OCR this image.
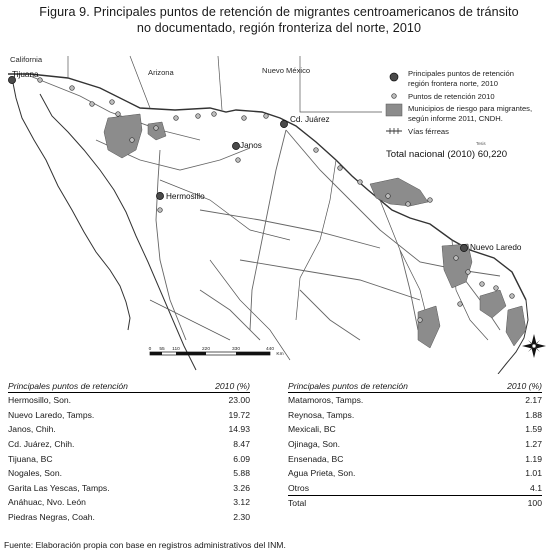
Figura 9. Principales puntos de retención de migrantes centroamericanos de tránsito
no documentado, región fronteriza del norte, 2010
California
Arizona	Nuevo México
Tijuana
Cd. Juárez
Janos
Hermosillo
Nuevo Laredo
Principales puntos de retención
región frontera norte, 2010
Puntos de retención 2010
Municipios de riesgo para migrantes,
según informe 2011, CNDH.
Vías férreas
Tesis
Total nacional (2010) 60,220
0 55 110	220	330	440
Km
Principales puntos de retención	2010 (%)
Hermosillo, Son.	23.00
Nuevo Laredo, Tamps.	19.72
Janos, Chih.	14.93
Cd. Juárez, Chih.	8.47
Tijuana, BC	6.09
Nogales, Son.	5.88
Garita Las Yescas, Tamps.	3.26
Anáhuac, Nvo. León	3.12
Piedras Negras, Coah.	2.30
Principales puntos de retención	2010 (%)
Matamoros, Tamps.	2.17
Reynosa, Tamps.	1.88
Mexicali, BC	1.59
Ojinaga, Son.	1.27
Ensenada, BC	1.19
Agua Prieta, Son.	1.01
Otros	4.1
Total	100
Fuente: Elaboración propia con base en registros administrativos del INM.
